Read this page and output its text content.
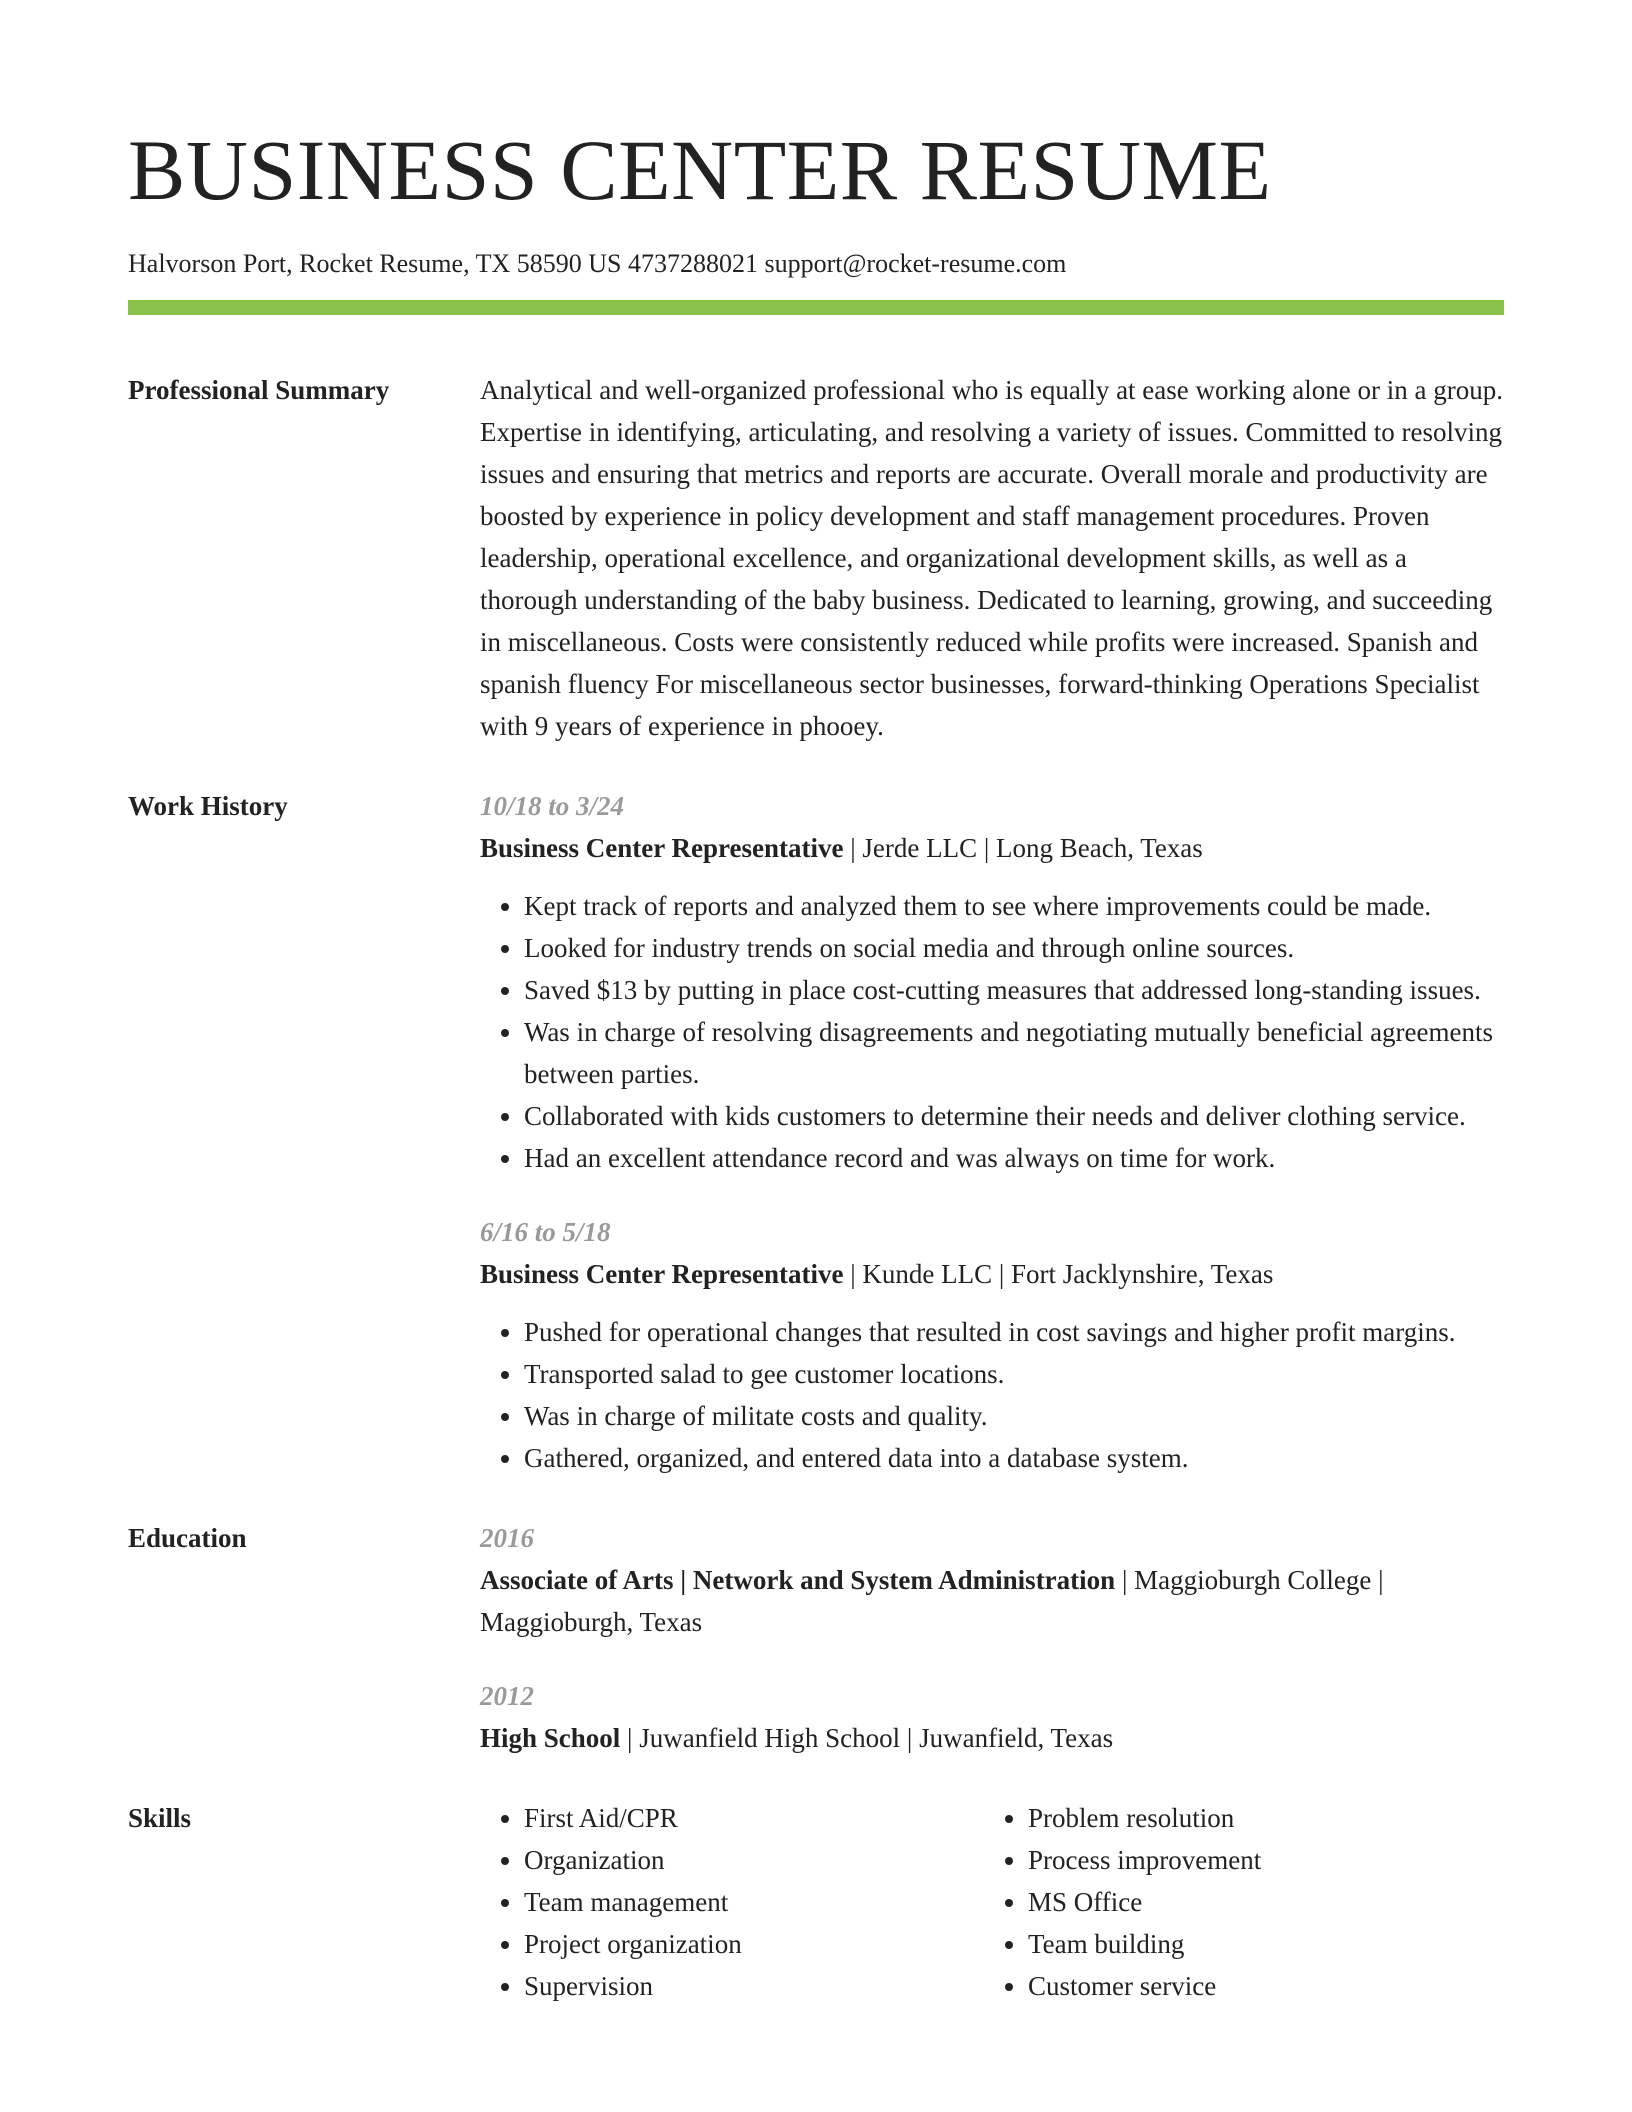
BUSINESS CENTER RESUME
Halvorson Port, Rocket Resume, TX 58590 US 4737288021 support@rocket-resume.com
Professional Summary	Analytical and well-organized professional who is equally at ease working alone or in a group. Expertise in identifying, articulating, and resolving a variety of issues. Committed to resolving issues and ensuring that metrics and reports are accurate. Overall morale and productivity are boosted by experience in policy development and staff management procedures. Proven leadership, operational excellence, and organizational development skills, as well as a thorough understanding of the baby business. Dedicated to learning, growing, and succeeding in miscellaneous. Costs were consistently reduced while profits were increased. Spanish and spanish fluency For miscellaneous sector businesses, forward-thinking Operations Specialist with 9 years of experience in phooey.

Work History	10/18 to 3/24
Business Center Representative | Jerde LLC | Long Beach, Texas
• Kept track of reports and analyzed them to see where improvements could be made.
• Looked for industry trends on social media and through online sources.
• Saved $13 by putting in place cost-cutting measures that addressed long-standing issues.
• Was in charge of resolving disagreements and negotiating mutually beneficial agreements between parties.
• Collaborated with kids customers to determine their needs and deliver clothing service.
• Had an excellent attendance record and was always on time for work.
6/16 to 5/18
Business Center Representative | Kunde LLC | Fort Jacklynshire, Texas
• Pushed for operational changes that resulted in cost savings and higher profit margins.
• Transported salad to gee customer locations.
• Was in charge of militate costs and quality.
• Gathered, organized, and entered data into a database system.
Education	2016
Associate of Arts | Network and System Administration | Maggioburgh College | Maggioburgh, Texas
2012
High School | Juwanfield High School | Juwanfield, Texas
Skills
•	First Aid/CPR
• Organization
• Team management
• Project organization
• Supervision
• Problem resolution
• Process improvement
• MS Office
• Team building
• Customer service
